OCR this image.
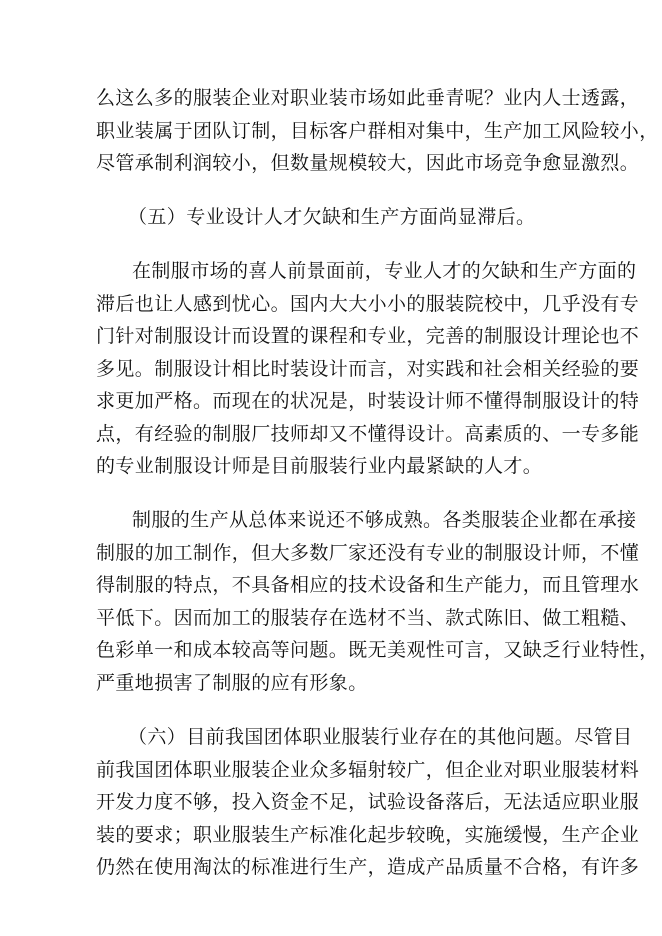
么这么多的服装企业对职业装市场如此垂青呢？业内人士透露，
职业装属于团队订制，目标客户群相对集中，生产加工风险较小，
尽管承制利润较小，但数量规模较大，因此市场竞争愈显激烈。
（五）专业设计人才欠缺和生产方面尚显滞后。
在制服市场的喜人前景面前，专业人才的欠缺和生产方面的
滞后也让人感到忧心。国内大大小小的服装院校中，几乎没有专
门针对制服设计而设置的课程和专业，完善的制服设计理论也不
多见。制服设计相比时装设计而言，对实践和社会相关经验的要
求更加严格。而现在的状况是，时装设计师不懂得制服设计的特
点，有经验的制服厂技师却又不懂得设计。高素质的、一专多能
的专业制服设计师是目前服装行业内最紧缺的人才。
制服的生产从总体来说还不够成熟。各类服装企业都在承接
制服的加工制作，但大多数厂家还没有专业的制服设计师，不懂
得制服的特点，不具备相应的技术设备和生产能力，而且管理水
平低下。因而加工的服装存在选材不当、款式陈旧、做工粗糙、
色彩单一和成本较高等问题。既无美观性可言，又缺乏行业特性，
严重地损害了制服的应有形象。
（六）目前我国团体职业服装行业存在的其他问题。尽管目
前我国团体职业服装企业众多辐射较广，但企业对职业服装材料
开发力度不够，投入资金不足，试验设备落后，无法适应职业服
装的要求；职业服装生产标准化起步较晚，实施缓慢，生产企业
仍然在使用淘汰的标准进行生产，造成产品质量不合格，有许多
